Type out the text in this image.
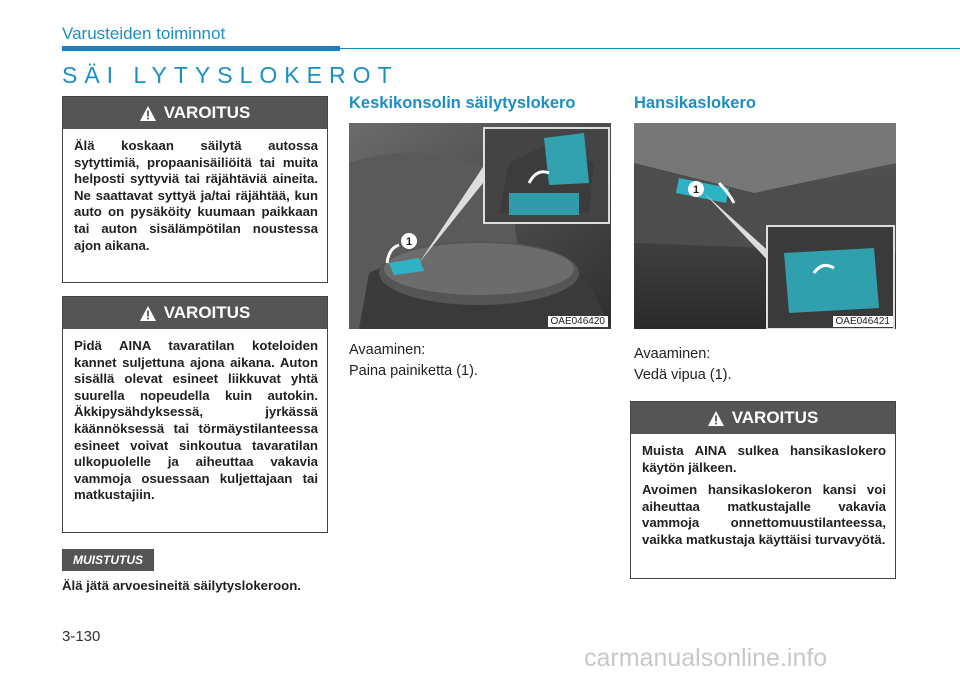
Varusteiden toiminnot
SÄI LYTYSLOKEROT
VAROITUS

Älä koskaan säilytä autossa sytyttimiä, propaanisäiliöitä tai muita helposti syttyviä tai räjähtäviä aineita. Ne saattavat syttyä ja/tai räjähtää, kun auto on pysäköity kuumaan paikkaan tai auton sisälämpötilan noustessa ajon aikana.

VAROITUS

Pidä AINA tavaratilan koteloiden kannet suljettuna ajona aikana. Auton sisällä olevat esineet liikkuvat yhtä suurella nopeudella kuin autokin. Äkkipysähdyksessä, jyrkässä käännöksessä tai törmäystilanteessa esineet voivat sinkoutua tavaratilan ulkopuolelle ja aiheuttaa vakavia vammoja osuessaan kuljettajaan tai matkustajiin.

MUISTUTUS
Älä jätä arvoesineitä säilytyslokeroon.
Keskikonsolin säilytyslokero
1
OAE046420
Avaaminen:
Paina painiketta (1).
Hansikaslokero
1
OAE046421
Avaaminen:
Vedä vipua (1).
VAROITUS

Muista AINA sulkea hansikaslokero käytön jälkeen.

Avoimen hansikaslokeron kansi voi aiheuttaa matkustajalle vakavia vammoja onnettomuustilanteessa, vaikka matkustaja käyttäisi turvavyötä.

3-130
carmanualsonline.info
